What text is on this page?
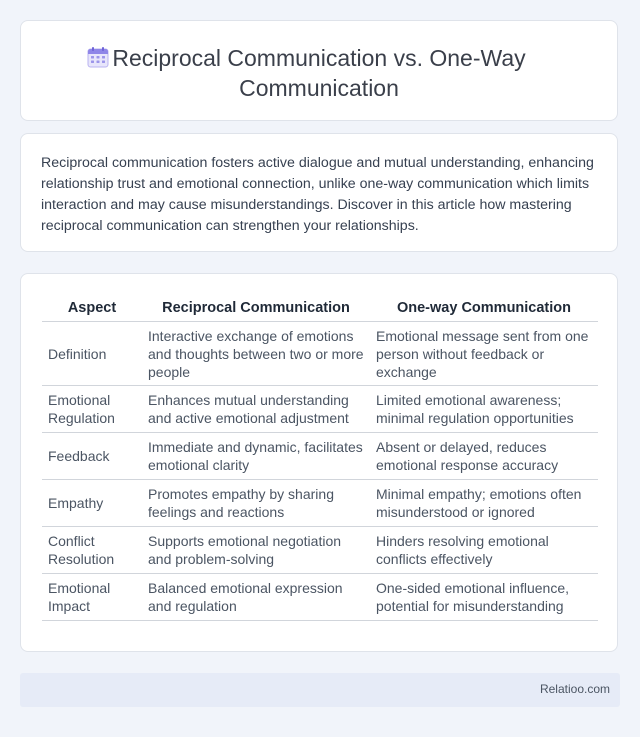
Reciprocal Communication vs. One-Way
Communication

Reciprocal communication fosters active dialogue and mutual understanding, enhancing relationship trust and emotional connection, unlike one-way communication which limits interaction and may cause misunderstandings. Discover in this article how mastering reciprocal communication can strengthen your relationships.

Aspect	Reciprocal Communication	One-way Communication
Definition	Interactive exchange of emotions and thoughts between two or more people	Emotional message sent from one person without feedback or exchange
Emotional Regulation	Enhances mutual understanding and active emotional adjustment	Limited emotional awareness; minimal regulation opportunities
Feedback	Immediate and dynamic, facilitates emotional clarity	Absent or delayed, reduces emotional response accuracy
Empathy	Promotes empathy by sharing feelings and reactions	Minimal empathy; emotions often misunderstood or ignored
Conflict Resolution	Supports emotional negotiation and problem-solving	Hinders resolving emotional conflicts effectively
Emotional Impact	Balanced emotional expression and regulation	One-sided emotional influence, potential for misunderstanding
Relatioo.com
